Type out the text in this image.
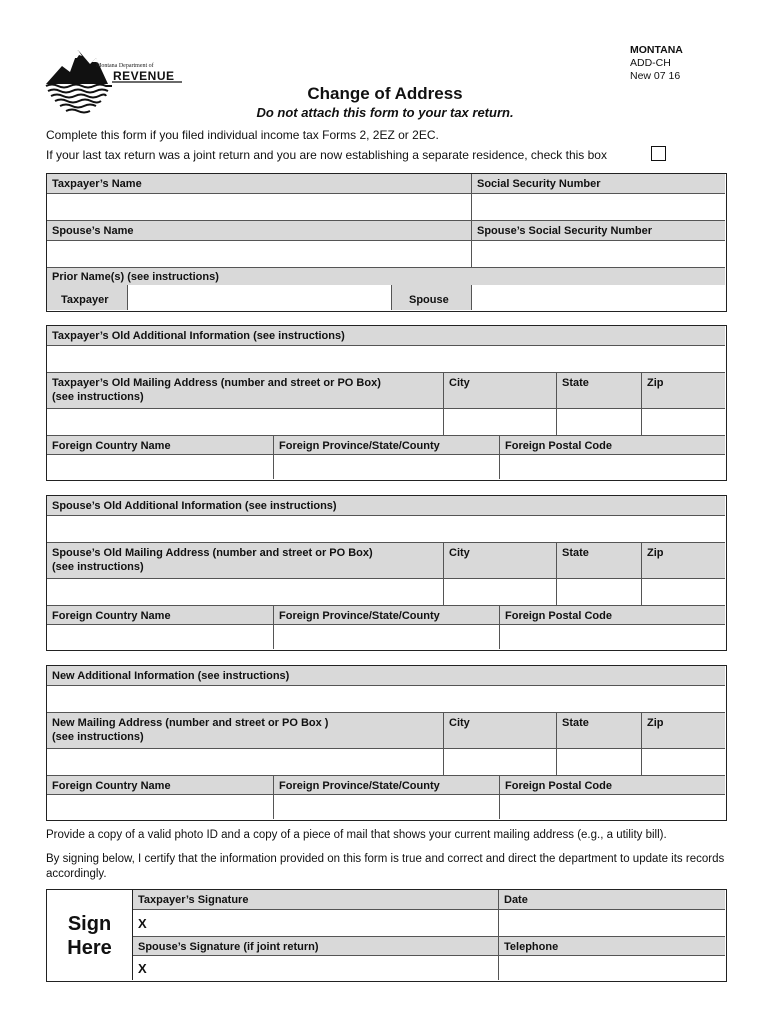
Montana Department of
REVENUE
MONTANA
ADD-CH
New 07 16
Change of Address
Do not attach this form to your tax return.
Complete this form if you filed individual income tax Forms 2, 2EZ or 2EC.
If your last tax return was a joint return and you are now establishing a separate residence, check this box
Taxpayer’s Name	Social Security Number
Spouse’s Name	Spouse’s Social Security Number
Prior Name(s) (see instructions)
Taxpayer	Spouse
Taxpayer’s Old Additional Information (see instructions)
Taxpayer’s Old Mailing Address (number and street or PO Box)
(see instructions)
City	State	Zip
Foreign Country Name	Foreign Province/State/County	Foreign Postal Code
Spouse’s Old Additional Information (see instructions)
Spouse’s Old Mailing Address (number and street or PO Box)
(see instructions)
City	State	Zip
Foreign Country Name	Foreign Province/State/County	Foreign Postal Code
New Additional Information (see instructions)
New Mailing Address (number and street or PO Box )
(see instructions)
City	State	Zip
Foreign Country Name	Foreign Province/State/County	Foreign Postal Code
Provide a copy of a valid photo ID and a copy of a piece of mail that shows your current mailing address (e.g., a utility bill).
By signing below, I certify that the information provided on this form is true and correct and direct the department to update its records accordingly.
Sign
Here
Taxpayer’s Signature	Date
X
Spouse’s Signature (if joint return)	Telephone
X
